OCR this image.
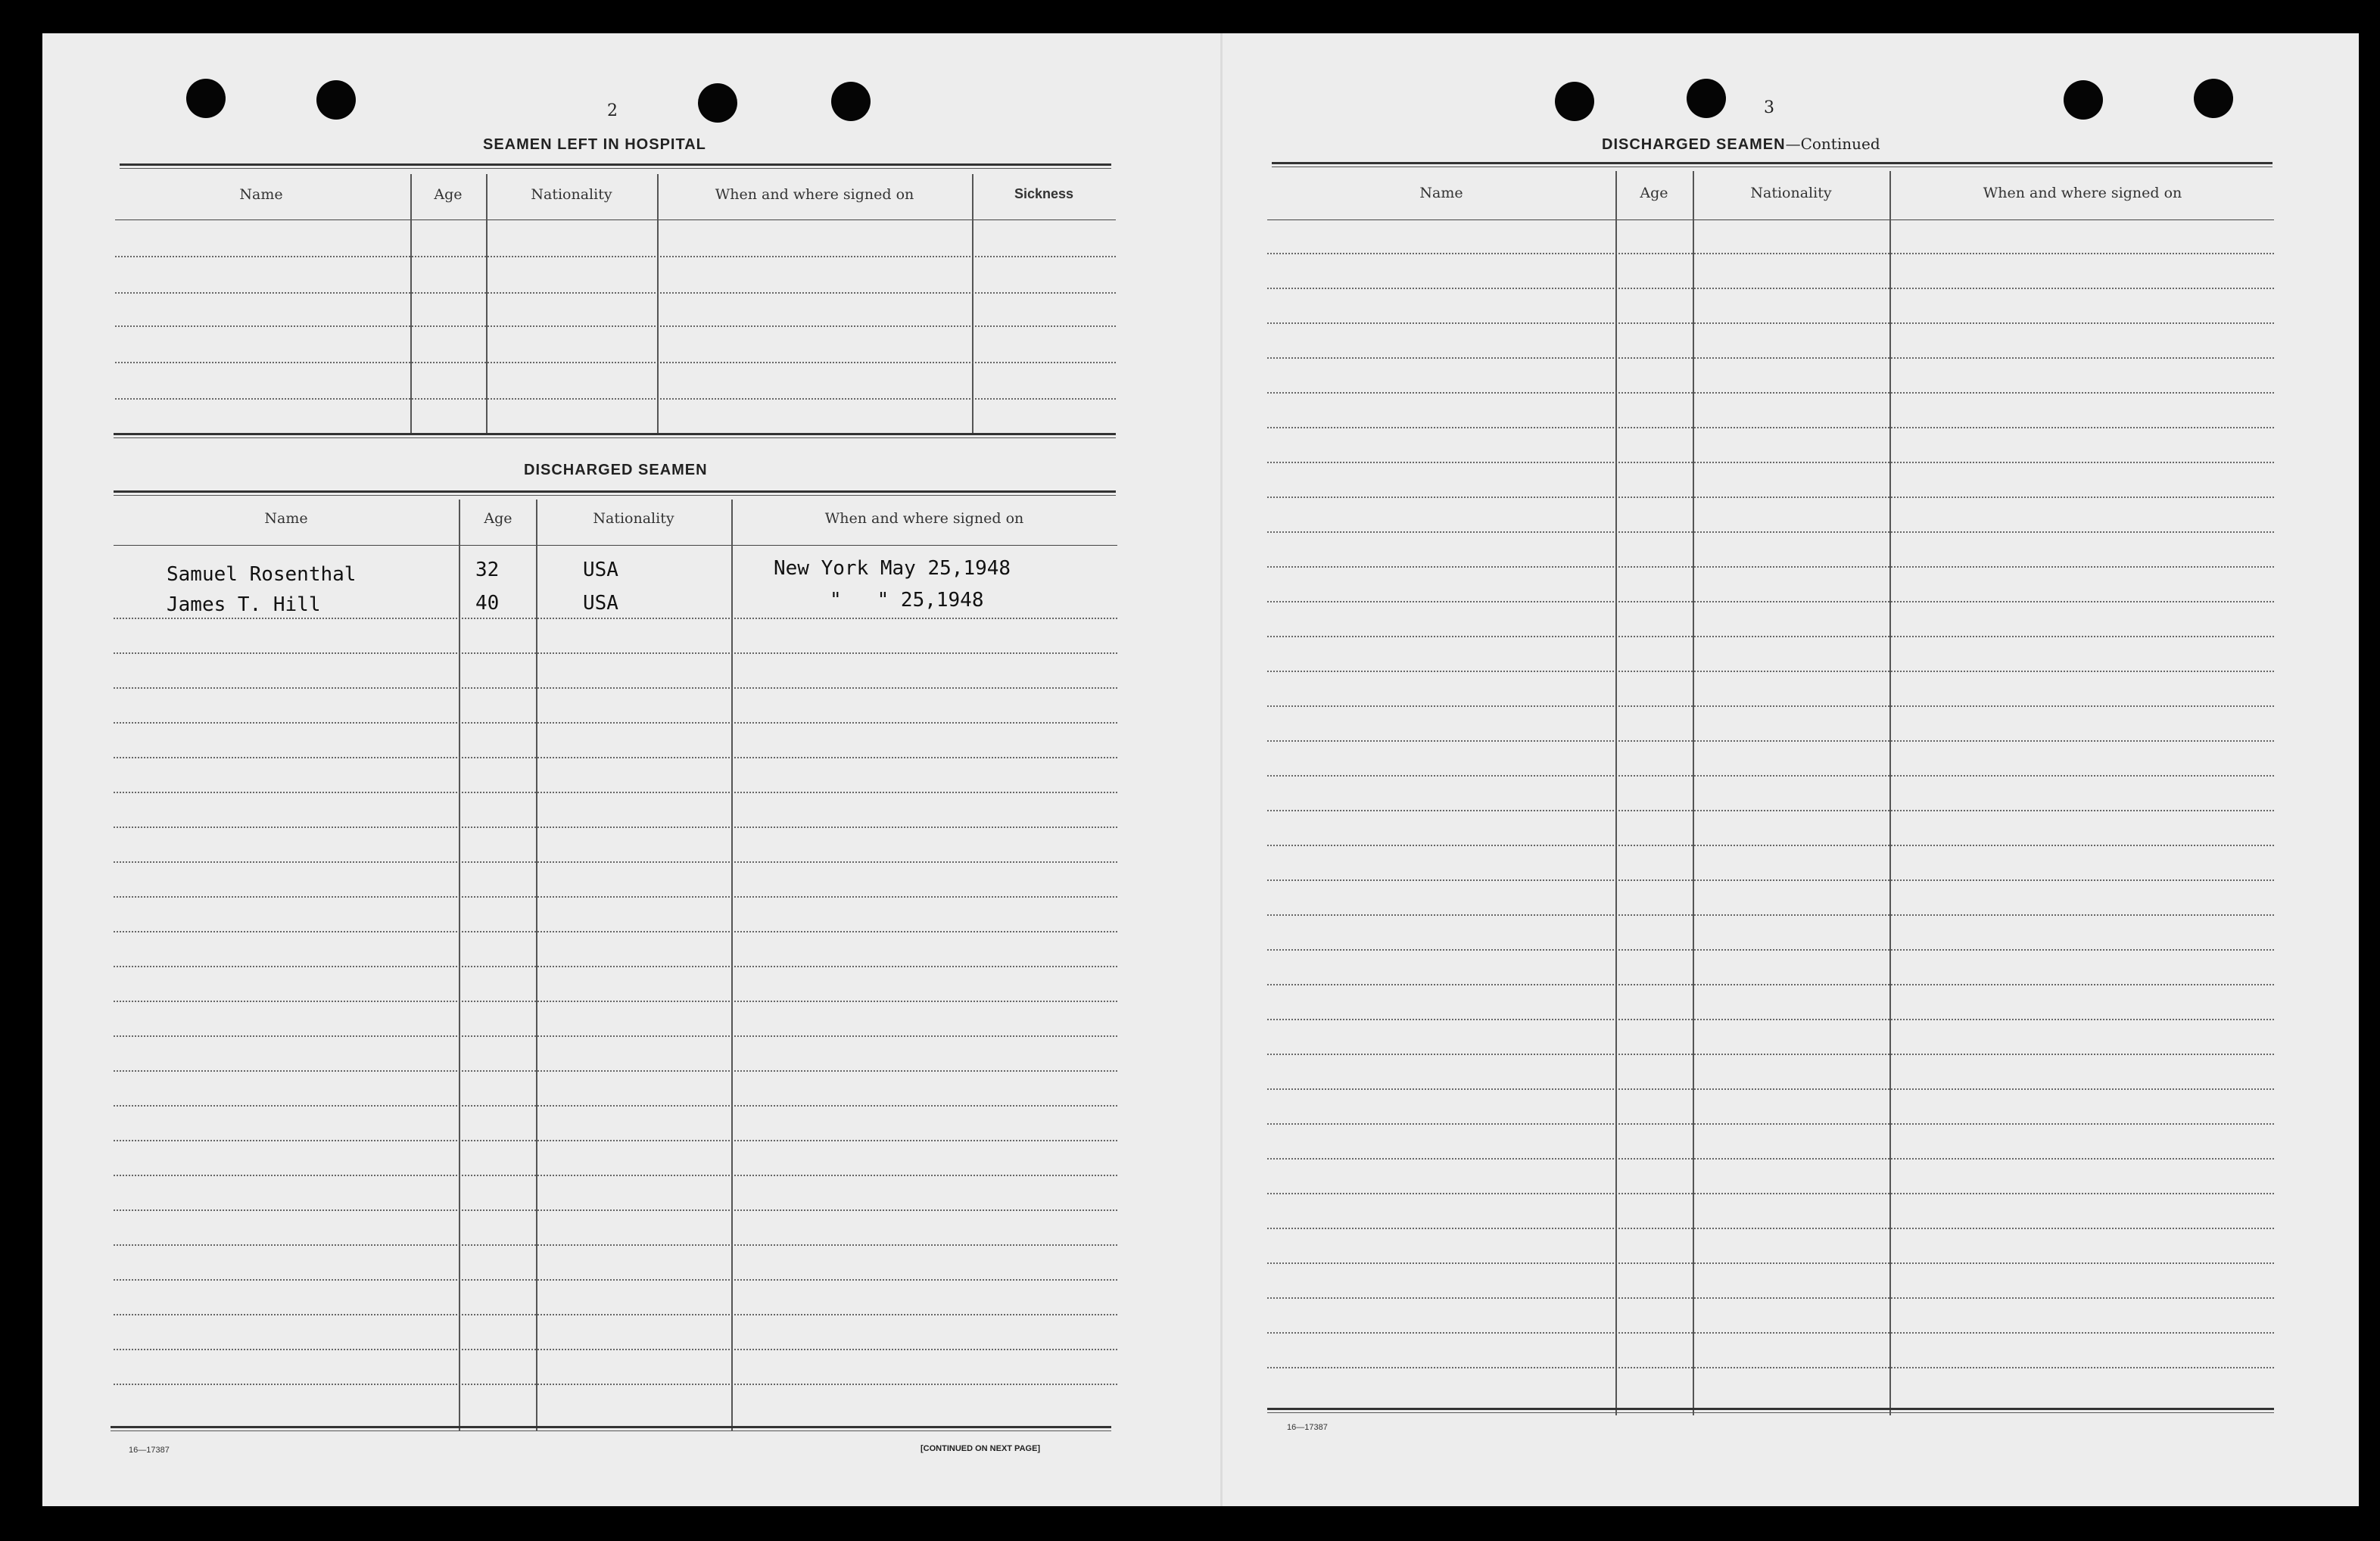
2
SEAMEN LEFT IN HOSPITAL
Name	Age	Nationality	When and where signed on	Sickness
DISCHARGED SEAMEN
Name	Age	Nationality	When and where signed on
Samuel Rosenthal	32	USA	New York May 25,1948
James T. Hill	40	USA	"   " 25,1948
16—17387	[CONTINUED ON NEXT PAGE]
3
DISCHARGED SEAMEN—Continued
Name	Age	Nationality	When and where signed on
16—17387
